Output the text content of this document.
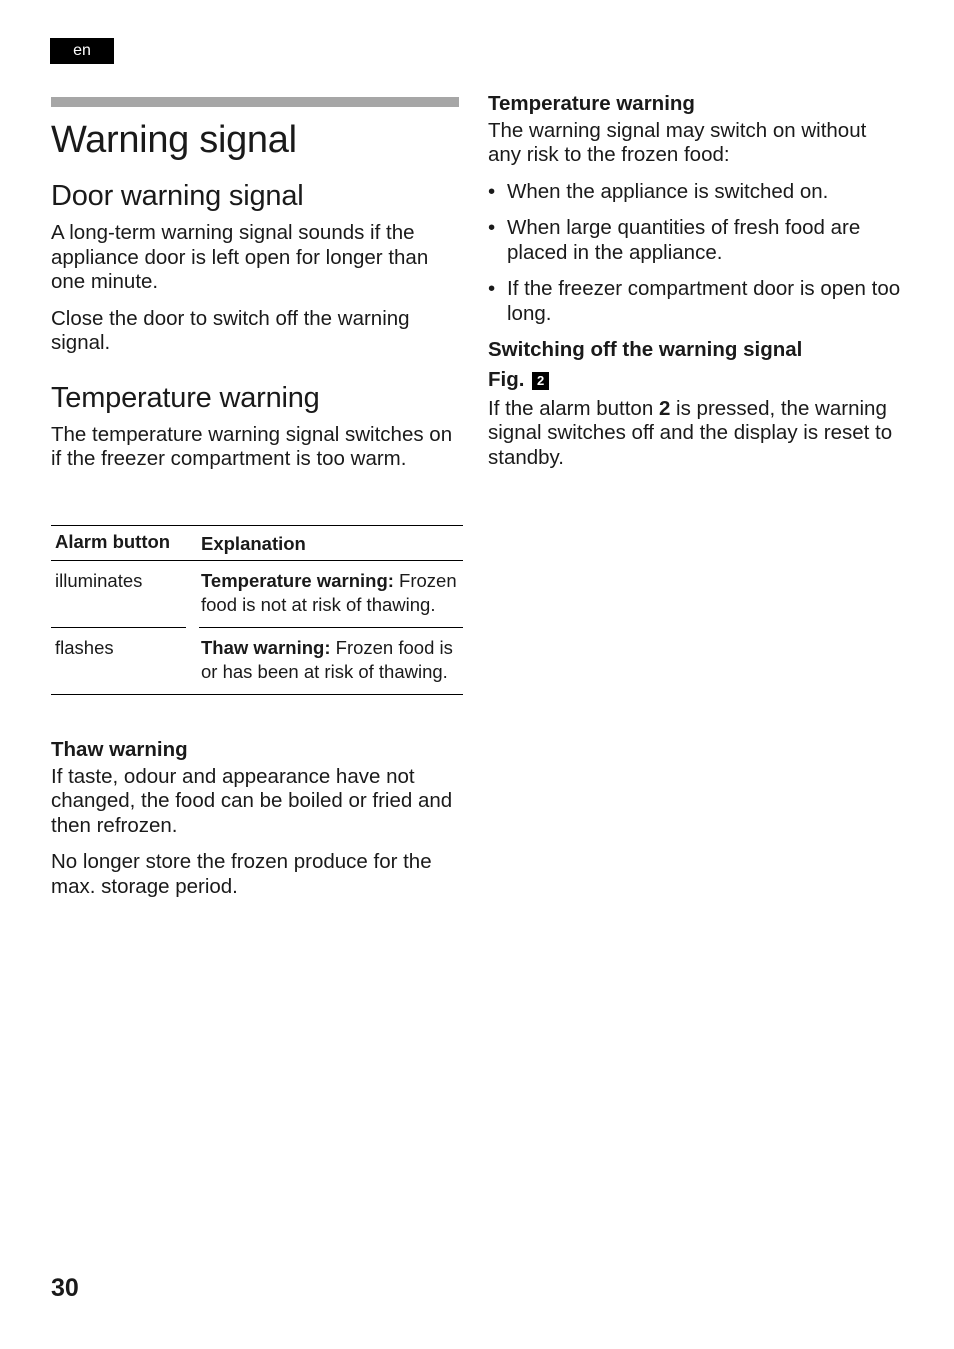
en
Warning signal
Door warning signal

A long-term warning signal sounds if the appliance door is left open for longer than one minute.

Close the door to switch off the warning signal.

Temperature warning

The temperature warning signal switches on if the freezer compartment is too warm.

Alarm button		Explanation

illuminates		Temperature warning: Frozen food is not at risk of thawing.

flashes		Thaw warning: Frozen food is or has been at risk of thawing.
Thaw warning

If taste, odour and appearance have not changed, the food can be boiled or fried and then refrozen.

No longer store the frozen produce for the max. storage period.

Temperature warning

The warning signal may switch on without any risk to the frozen food:

• When the appliance is switched on.
• When large quantities of fresh food are placed in the appliance.
• If the freezer compartment door is open too long.
Switching off the warning signal
Fig. 2

If the alarm button 2 is pressed, the warning signal switches off and the display is reset to standby.

30
